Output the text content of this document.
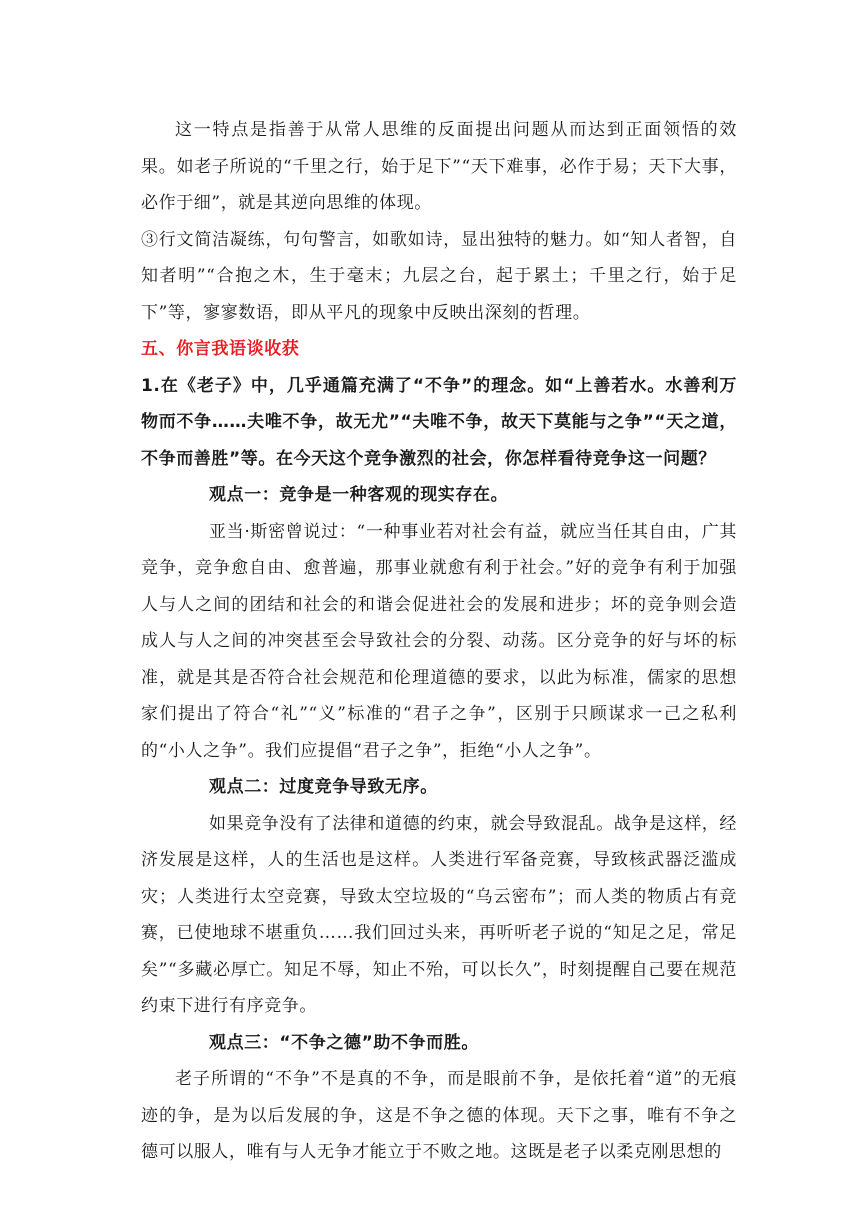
这一特点是指善于从常人思维的反面提出问题从而达到正面领悟的效果。如老子所说的“千里之行，始于足下”“天下难事，必作于易；天下大事，必作于细”，就是其逆向思维的体现。

③行文简洁凝练，句句警言，如歌如诗，显出独特的魅力。如“知人者智，自知者明”“合抱之木，生于毫末；九层之台，起于累土；千里之行，始于足下”等，寥寥数语，即从平凡的现象中反映出深刻的哲理。

五、你言我语谈收获

1.在《老子》中，几乎通篇充满了“不争”的理念。如“上善若水。水善利万物而不争……夫唯不争，故无尤”“夫唯不争，故天下莫能与之争”“天之道，不争而善胜”等。在今天这个竞争激烈的社会，你怎样看待竞争这一问题？

观点一：竞争是一种客观的现实存在。

亚当·斯密曾说过：“一种事业若对社会有益，就应当任其自由，广其竞争，竞争愈自由、愈普遍，那事业就愈有利于社会。”好的竞争有利于加强人与人之间的团结和社会的和谐会促进社会的发展和进步；坏的竞争则会造成人与人之间的冲突甚至会导致社会的分裂、动荡。区分竞争的好与坏的标准，就是其是否符合社会规范和伦理道德的要求，以此为标准，儒家的思想家们提出了符合“礼”“义”标准的“君子之争”，区别于只顾谋求一己之私利的“小人之争”。我们应提倡“君子之争”，拒绝“小人之争”。

观点二：过度竞争导致无序。

如果竞争没有了法律和道德的约束，就会导致混乱。战争是这样，经济发展是这样，人的生活也是这样。人类进行军备竞赛，导致核武器泛滥成灾；人类进行太空竞赛，导致太空垃圾的“乌云密布”；而人类的物质占有竞赛，已使地球不堪重负……我们回过头来，再听听老子说的“知足之足，常足矣”“多藏必厚亡。知足不辱，知止不殆，可以长久”，时刻提醒自己要在规范约束下进行有序竞争。

观点三：“不争之德”助不争而胜。

老子所谓的“不争”不是真的不争，而是眼前不争，是依托着“道”的无痕迹的争，是为以后发展的争，这是不争之德的体现。天下之事，唯有不争之德可以服人，唯有与人无争才能立于不败之地。这既是老子以柔克刚思想的
